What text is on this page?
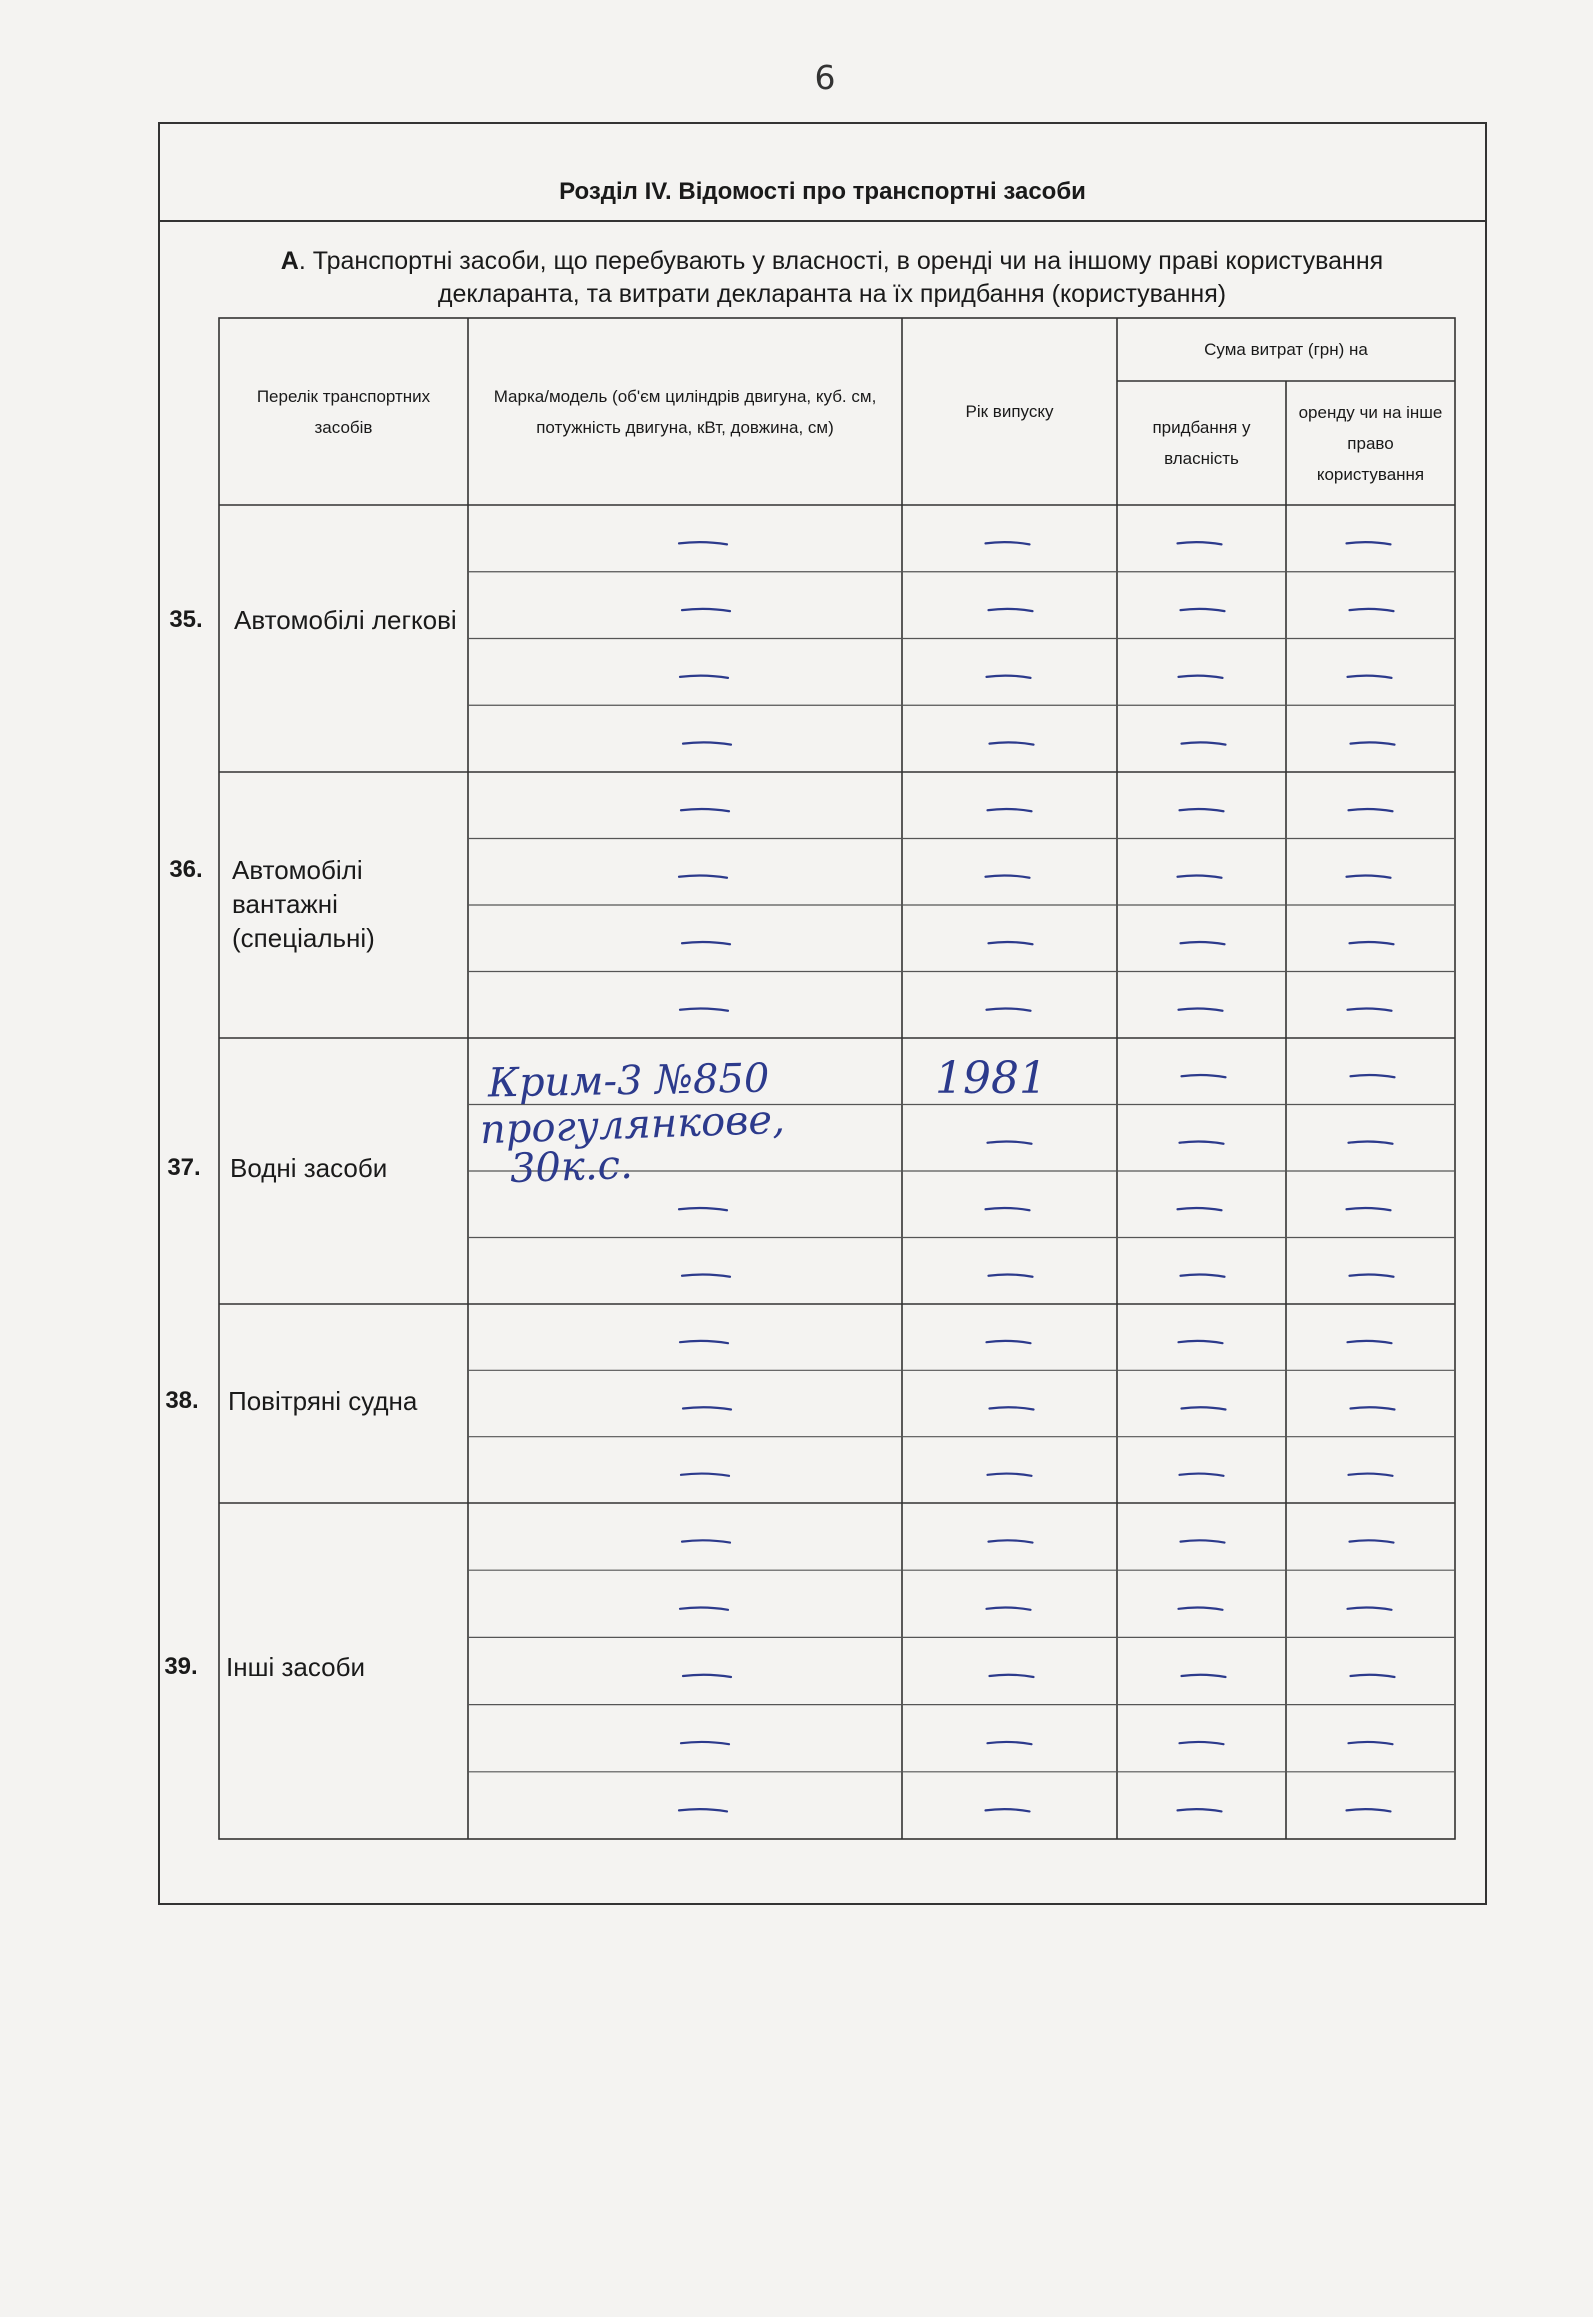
6
Розділ IV. Відомості про транспортні засоби
А. Транспортні засоби, що перебувають у власності, в оренді чи на іншому праві користування декларанта, та витрати декларанта на їх придбання (користування)
Перелік транспортних засобів
Марка/модель (об'єм циліндрів двигуна, куб. см, потужність двигуна, кВт, довжина, см)
Рік випуску
Сума витрат (грн) на
придбання у власність
оренду чи на інше право користування
35. Автомобілі легкові
36. Автомобілі вантажні (спеціальні)
37. Водні засоби
38. Повітряні судна
39. Інші засоби
Крим-3 №850
прогулянкове,
30к.с.
1981
